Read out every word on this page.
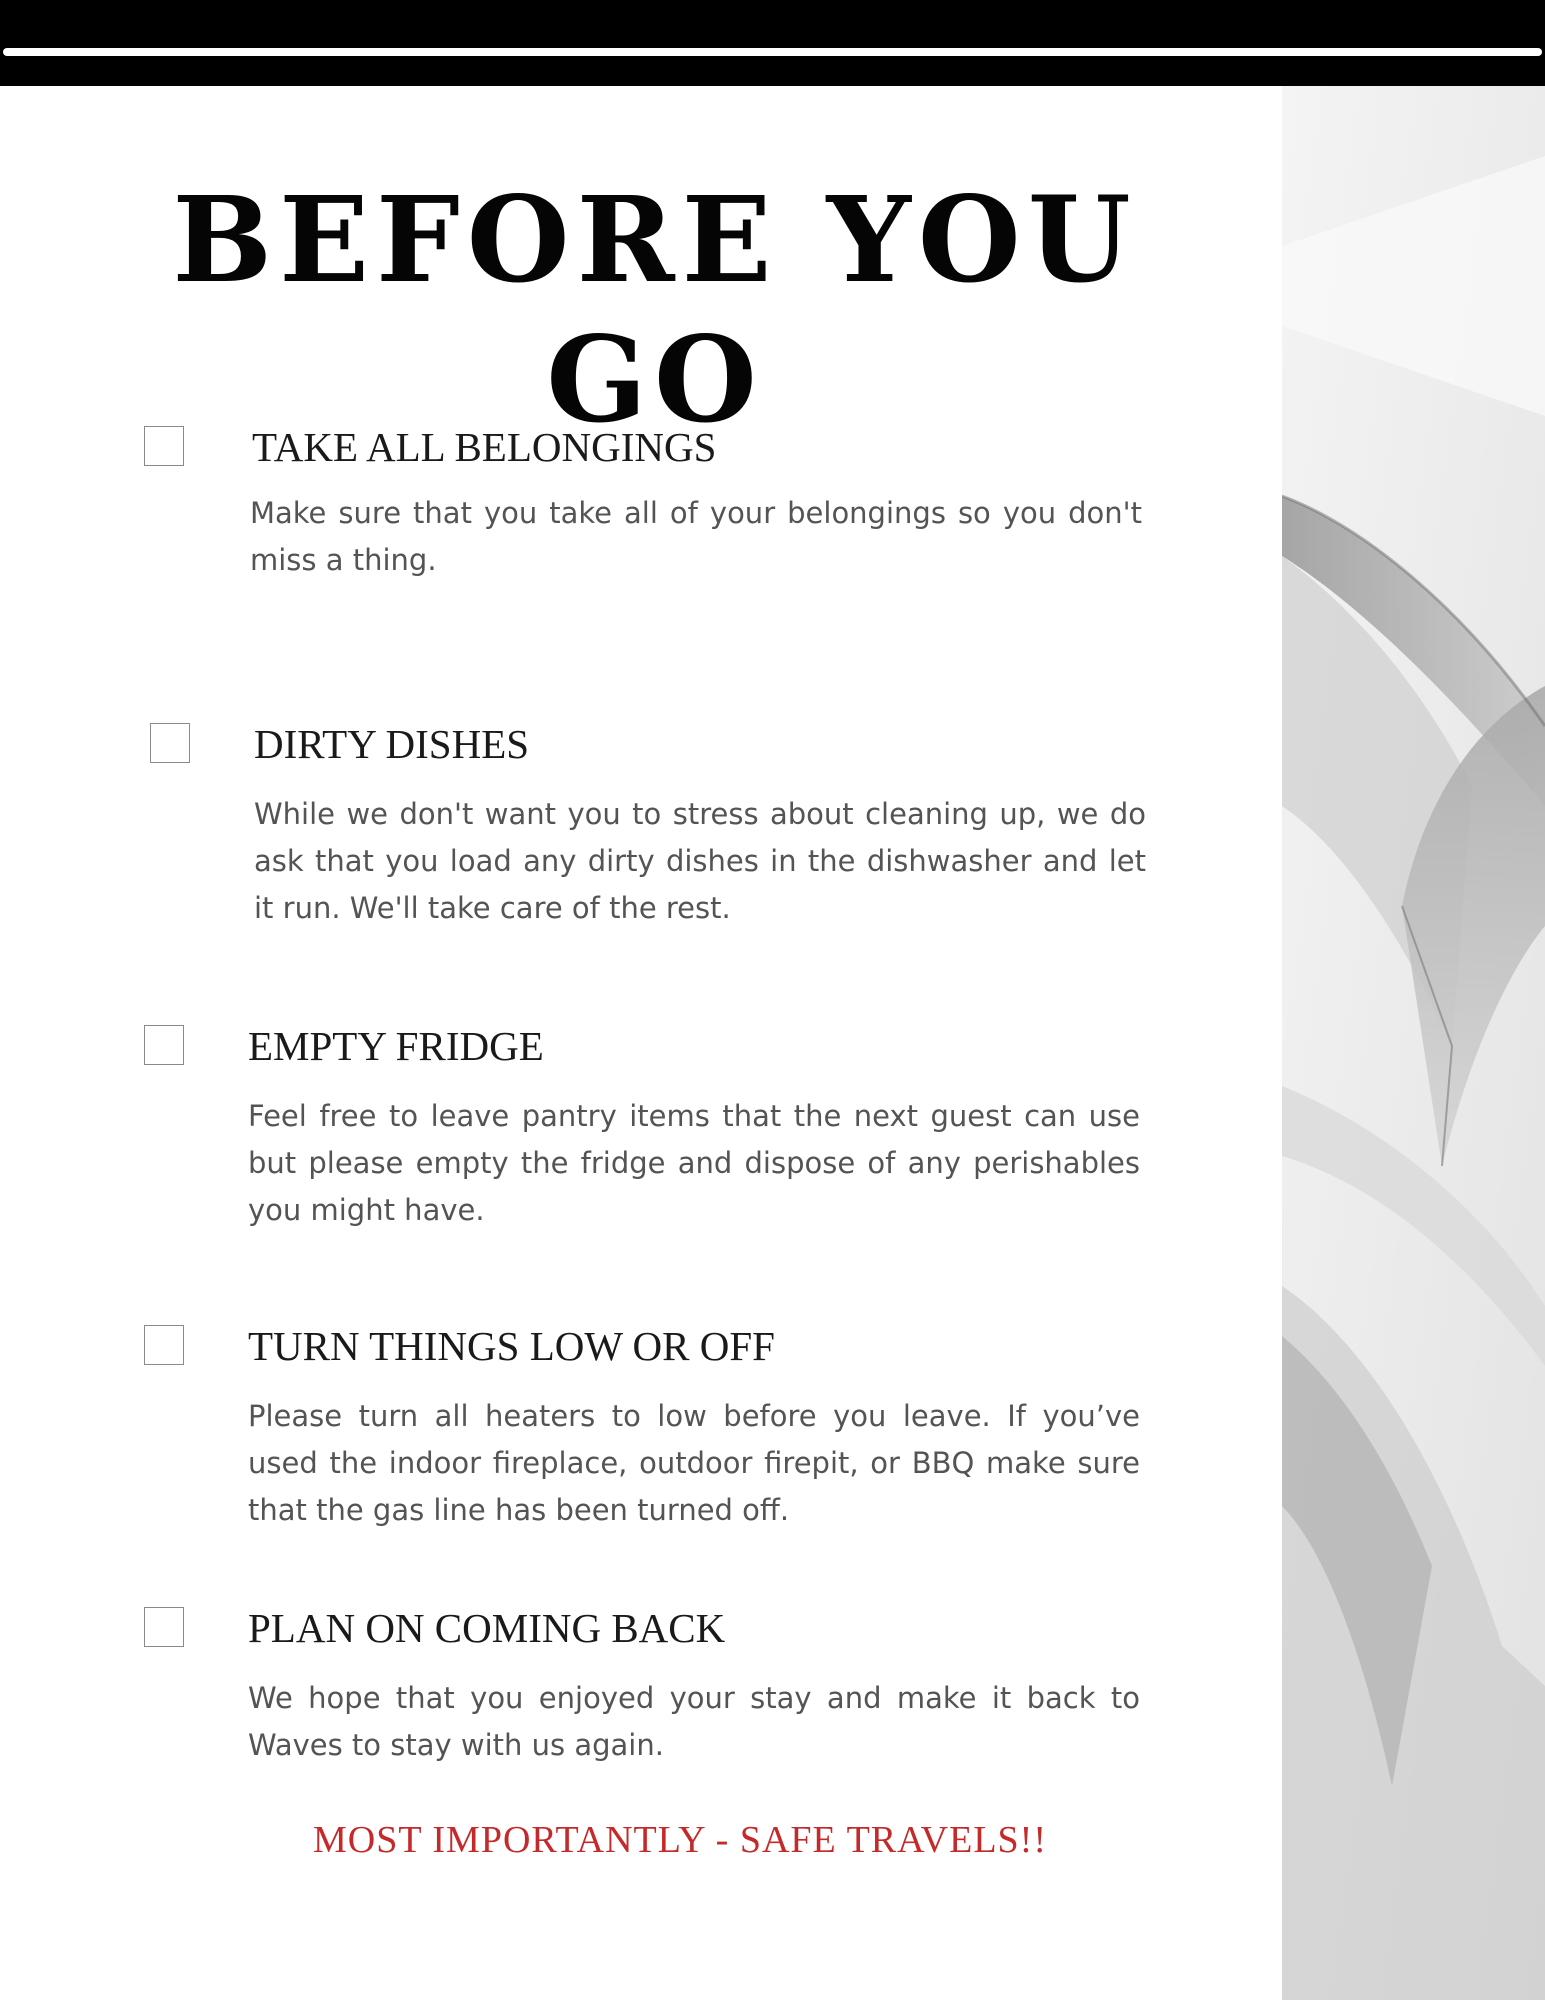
BEFORE YOU GO
TAKE ALL BELONGINGS

Make sure that you take all of your belongings so you don't miss a thing.

DIRTY DISHES

While we don't want you to stress about cleaning up, we do ask that you load any dirty dishes in the dishwasher and let it run. We'll take care of the rest.

EMPTY FRIDGE

Feel free to leave pantry items that the next guest can use but please empty the fridge and dispose of any perishables you might have.

TURN THINGS LOW OR OFF

Please turn all heaters to low before you leave. If you’ve used the indoor fireplace, outdoor firepit, or BBQ make sure that the gas line has been turned off.

PLAN ON COMING BACK

We hope that you enjoyed your stay and make it back to Waves to stay with us again.

MOST IMPORTANTLY - SAFE TRAVELS!!
